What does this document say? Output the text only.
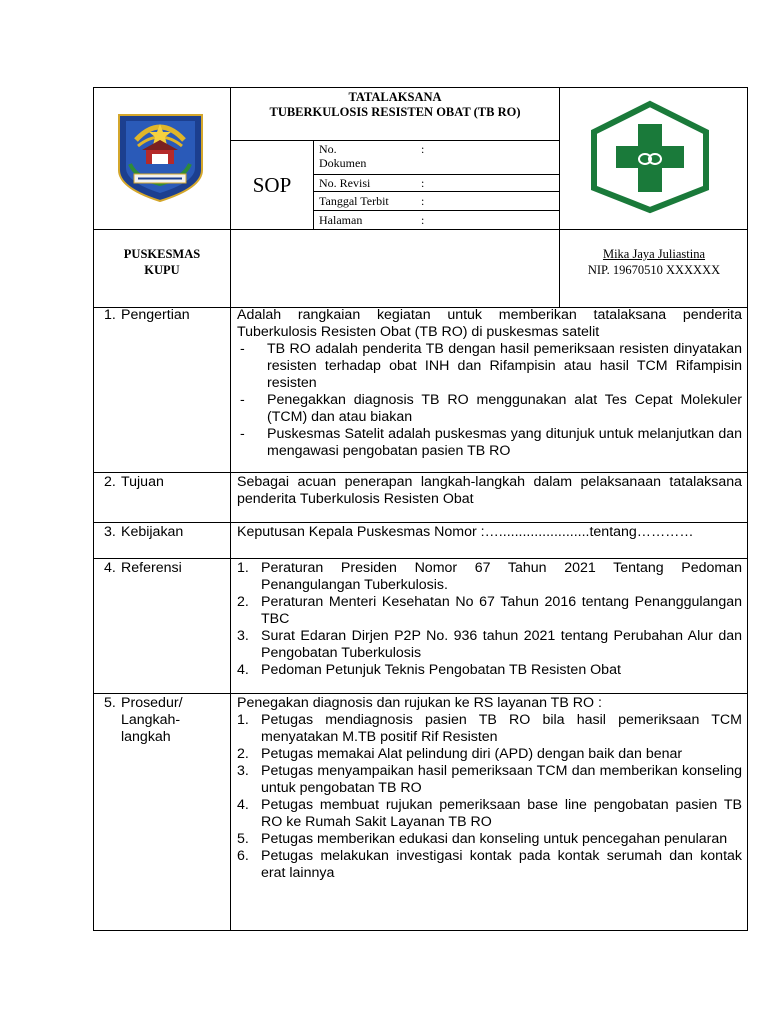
TATALAKSANA
TUBERKULOSIS RESISTEN OBAT (TB RO)
SOP
No. Dokumen
:
No. Revisi	:
Tanggal Terbit	:
Halaman	:
PUSKESMAS
KUPU
Mika Jaya Juliastina
NIP. 19670510 XXXXXX
1. Pengertian	Adalah rangkaian kegiatan untuk memberikan tatalaksana penderita Tuberkulosis Resisten Obat (TB RO) di puskesmas satelit

- TB RO adalah penderita TB dengan hasil pemeriksaan resisten dinyatakan resisten terhadap obat INH dan Rifampisin atau hasil TCM Rifampisin resisten
- Penegakkan diagnosis TB RO menggunakan alat Tes Cepat Molekuler (TCM) dan atau biakan
- Puskesmas Satelit adalah puskesmas yang ditunjuk untuk melanjutkan dan mengawasi pengobatan pasien TB RO
2. Tujuan	Sebagai acuan penerapan langkah-langkah dalam pelaksanaan tatalaksana penderita Tuberkulosis Resisten Obat

3. Kebijakan	Keputusan Kepala Puskesmas Nomor :….......................tentang…………

4. Referensi	1. Peraturan Presiden Nomor 67 Tahun 2021 Tentang Pedoman Penangulangan Tuberkulosis.
2. Peraturan Menteri Kesehatan No 67 Tahun 2016 tentang Penanggulangan TBC
3. Surat Edaran Dirjen P2P No. 936 tahun 2021 tentang Perubahan Alur dan Pengobatan Tuberkulosis
4. Pedoman Petunjuk Teknis Pengobatan TB Resisten Obat
5. Prosedur/
Langkah-
langkah

Penegakan diagnosis dan rujukan ke RS layanan TB RO :

1. Petugas mendiagnosis pasien TB RO bila hasil pemeriksaan TCM menyatakan M.TB positif Rif Resisten
2. Petugas memakai Alat pelindung diri (APD) dengan baik dan benar
3. Petugas menyampaikan hasil pemeriksaan TCM dan memberikan konseling untuk pengobatan TB RO
4. Petugas membuat rujukan pemeriksaan base line pengobatan pasien TB RO ke Rumah Sakit Layanan TB RO
5. Petugas memberikan edukasi dan konseling untuk pencegahan penularan
6. Petugas melakukan investigasi kontak pada kontak serumah dan kontak erat lainnya
